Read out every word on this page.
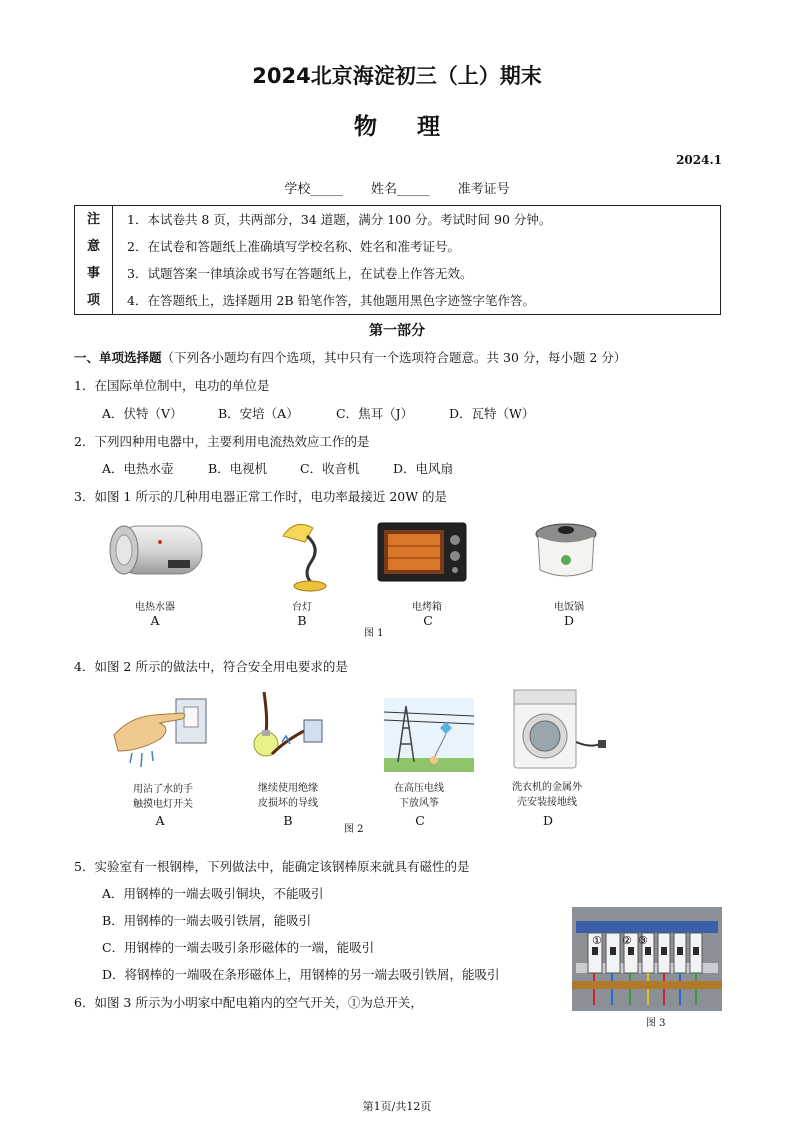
2024北京海淀初三（上）期末
物理
2024.1
学校_____ 姓名_____ 准考证号
注
意
事
项
1．本试卷共 8 页，共两部分，34 道题，满分 100 分。考试时间 90 分钟。
2．在试卷和答题纸上准确填写学校名称、姓名和准考证号。
3．试题答案一律填涂或书写在答题纸上，在试卷上作答无效。
4．在答题纸上，选择题用 2B 铅笔作答，其他题用黑色字迹签字笔作答。
第一部分
一、单项选择题（下列各小题均有四个选项，其中只有一个选项符合题意。共 30 分，每小题 2 分）
1．在国际单位制中，电功的单位是
A．伏特（V）	B．安培（A）	C．焦耳（J）	D．瓦特（W）
2．下列四种用电器中，主要利用电流热效应工作的是
A．电热水壶	B．电视机	C．收音机	D．电风扇
3．如图 1 所示的几种用电器正常工作时，电功率最接近 20W 的是
电热水器	台灯	电烤箱	电饭锅
A	B	C	D
图 1
4．如图 2 所示的做法中，符合安全用电要求的是
用沾了水的手
触摸电灯开关
继续使用绝缘
皮损坏的导线
在高压电线
下放风筝
洗衣机的金属外
壳安装接地线
A	B	C	D
图 2
5．实验室有一根钢棒，下列做法中，能确定该钢棒原来就具有磁性的是
A．用钢棒的一端去吸引铜块，不能吸引
B．用钢棒的一端去吸引铁屑，能吸引
C．用钢棒的一端去吸引条形磁体的一端，能吸引
D．将钢棒的一端吸在条形磁体上，用钢棒的另一端去吸引铁屑，能吸引
6．如图 3 所示为小明家中配电箱内的空气开关，①为总开关，
① ② ③
图 3
第1页/共12页
